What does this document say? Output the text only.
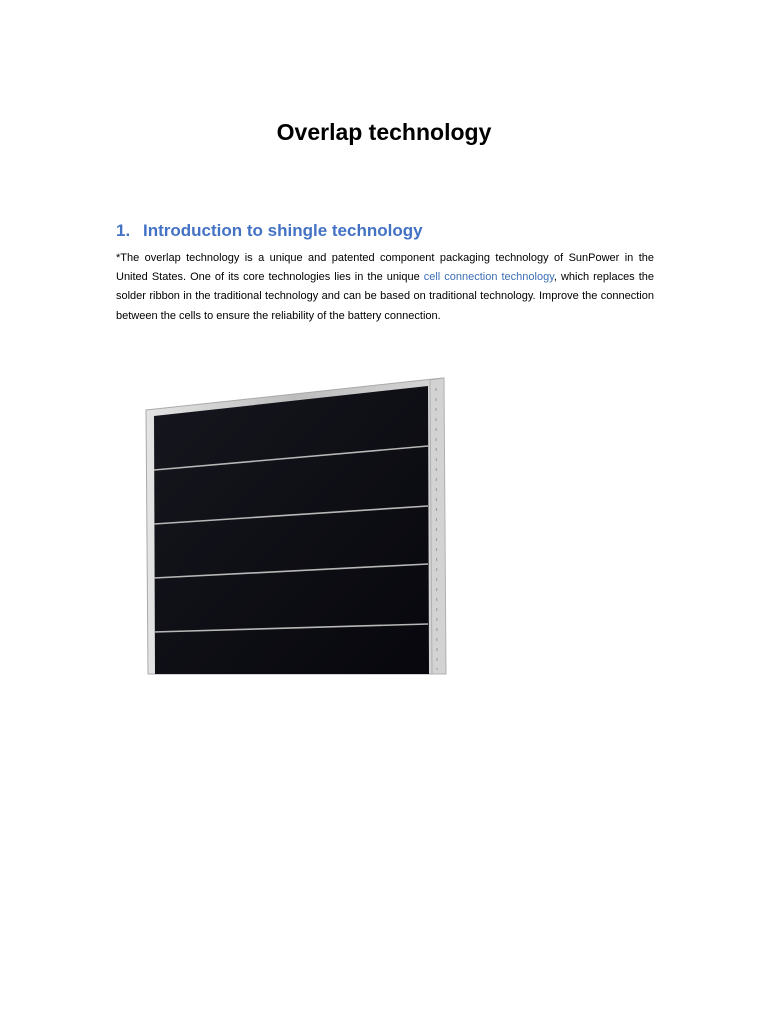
Overlap technology
1. Introduction to shingle technology

*The overlap technology is a unique and patented component packaging technology of SunPower in the United States. One of its core technologies lies in the unique cell connection technology, which replaces the solder ribbon in the traditional technology and can be based on traditional technology. Improve the connection between the cells to ensure the reliability of the battery connection.
